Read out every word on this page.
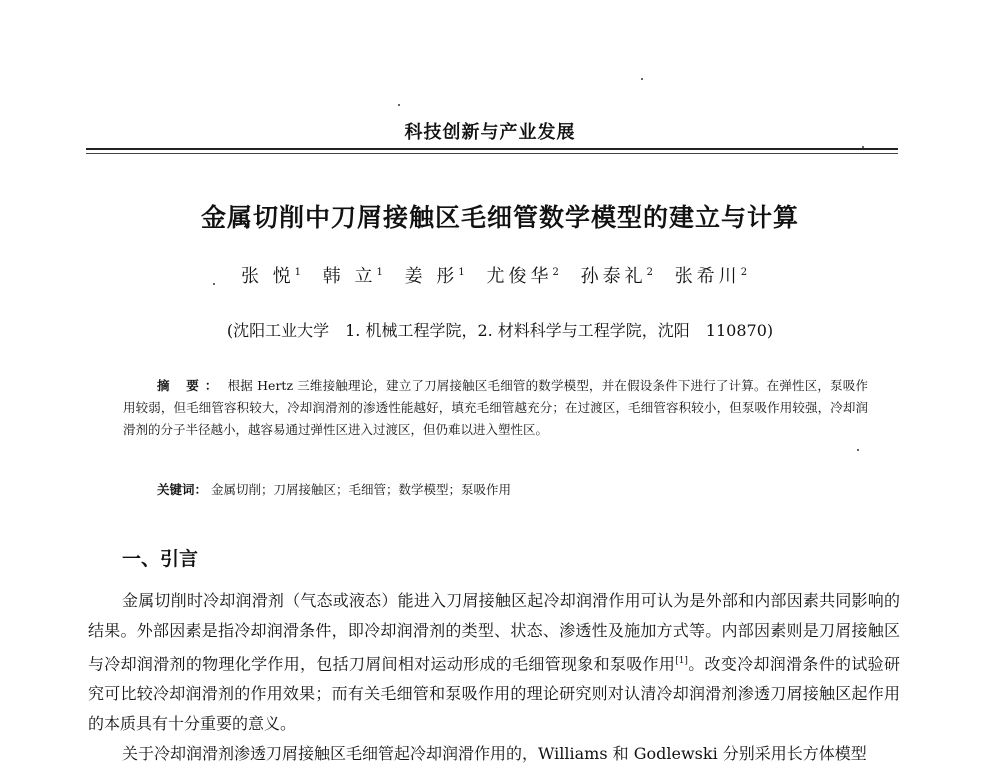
科技创新与产业发展
金属切削中刀屑接触区毛细管数学模型的建立与计算
张 悦$^1$ 韩 立$^1$ 姜 彤$^1$ 尤俊华$^2$ 孙泰礼$^2$ 张希川$^2$
(沈阳工业大学　1. 机械工程学院，2. 材料科学与工程学院，沈阳　110870)
摘 要： 根据 Hertz 三维接触理论，建立了刀屑接触区毛细管的数学模型，并在假设条件下进行了计算。在弹性区，泵吸作用较弱，但毛细管容积较大，冷却润滑剂的渗透性能越好，填充毛细管越充分；在过渡区，毛细管容积较小，但泵吸作用较强，冷却润滑剂的分子半径越小，越容易通过弹性区进入过渡区，但仍难以进入塑性区。
关键词： 金属切削；刀屑接触区；毛细管；数学模型；泵吸作用
一、引言

金属切削时冷却润滑剂（气态或液态）能进入刀屑接触区起冷却润滑作用可认为是外部和内部因素共同影响的结果。外部因素是指冷却润滑条件，即冷却润滑剂的类型、状态、渗透性及施加方式等。内部因素则是刀屑接触区与冷却润滑剂的物理化学作用，包括刀屑间相对运动形成的毛细管现象和泵吸作用[1]。改变冷却润滑条件的试验研究可比较冷却润滑剂的作用效果；而有关毛细管和泵吸作用的理论研究则对认清冷却润滑剂渗透刀屑接触区起作用的本质具有十分重要的意义。

关于冷却润滑剂渗透刀屑接触区毛细管起冷却润滑作用的，Williams 和 Godlewski 分别采用长方体模型
